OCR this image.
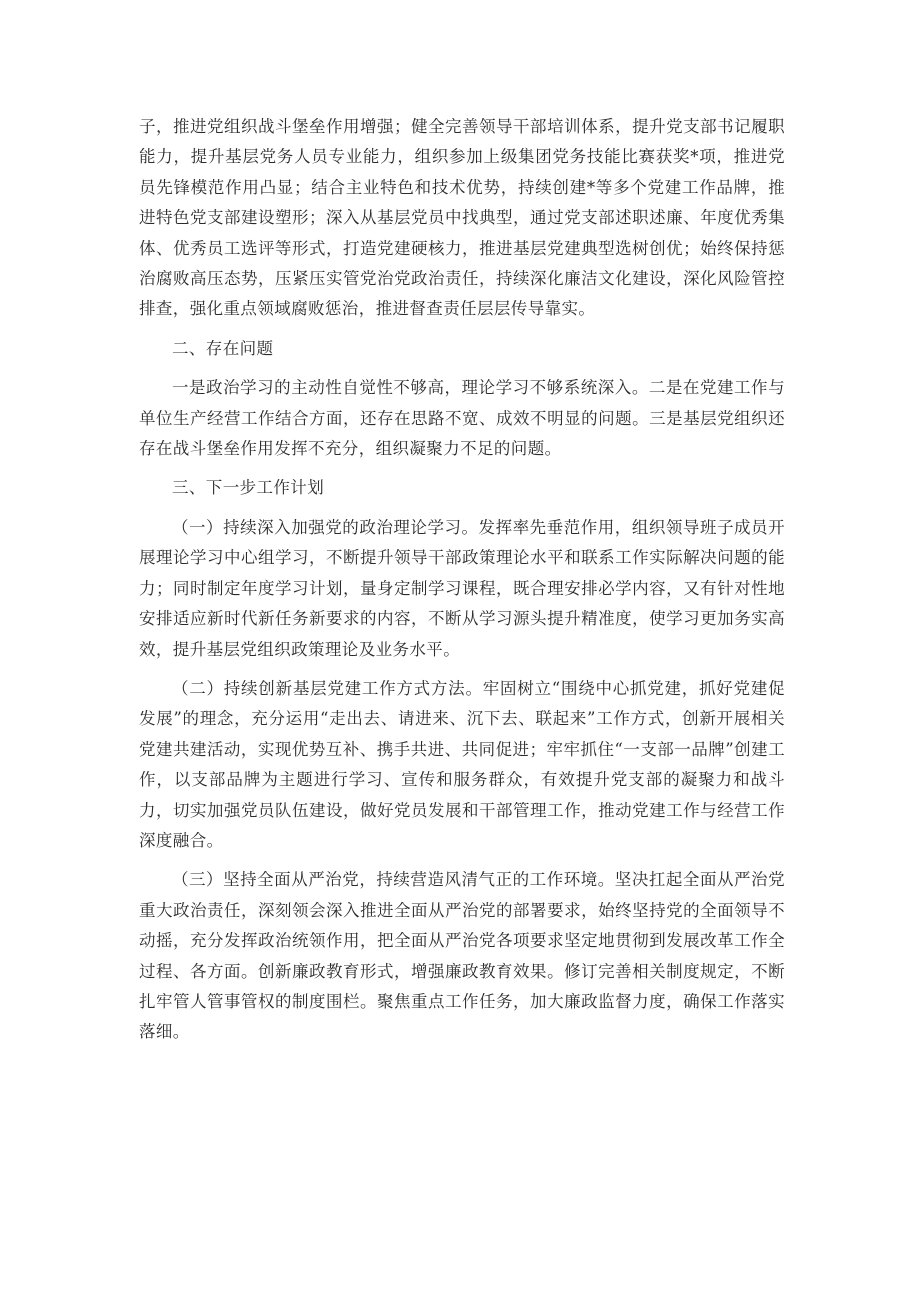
子，推进党组织战斗堡垒作用增强；健全完善领导干部培训体系，提升党支部书记履职能力，提升基层党务人员专业能力，组织参加上级集团党务技能比赛获奖*项，推进党员先锋模范作用凸显；结合主业特色和技术优势，持续创建*等多个党建工作品牌，推进特色党支部建设塑形；深入从基层党员中找典型，通过党支部述职述廉、年度优秀集体、优秀员工选评等形式，打造党建硬核力，推进基层党建典型选树创优；始终保持惩治腐败高压态势，压紧压实管党治党政治责任，持续深化廉洁文化建设，深化风险管控排查，强化重点领域腐败惩治，推进督查责任层层传导靠实。

二、存在问题

一是政治学习的主动性自觉性不够高，理论学习不够系统深入。二是在党建工作与单位生产经营工作结合方面，还存在思路不宽、成效不明显的问题。三是基层党组织还存在战斗堡垒作用发挥不充分，组织凝聚力不足的问题。

三、下一步工作计划

（一）持续深入加强党的政治理论学习。发挥率先垂范作用，组织领导班子成员开展理论学习中心组学习，不断提升领导干部政策理论水平和联系工作实际解决问题的能力；同时制定年度学习计划，量身定制学习课程，既合理安排必学内容，又有针对性地安排适应新时代新任务新要求的内容，不断从学习源头提升精准度，使学习更加务实高效，提升基层党组织政策理论及业务水平。

（二）持续创新基层党建工作方式方法。牢固树立“围绕中心抓党建，抓好党建促发展”的理念，充分运用“走出去、请进来、沉下去、联起来”工作方式，创新开展相关党建共建活动，实现优势互补、携手共进、共同促进；牢牢抓住“一支部一品牌”创建工作，以支部品牌为主题进行学习、宣传和服务群众，有效提升党支部的凝聚力和战斗力，切实加强党员队伍建设，做好党员发展和干部管理工作，推动党建工作与经营工作深度融合。

（三）坚持全面从严治党，持续营造风清气正的工作环境。坚决扛起全面从严治党重大政治责任，深刻领会深入推进全面从严治党的部署要求，始终坚持党的全面领导不动摇，充分发挥政治统领作用，把全面从严治党各项要求坚定地贯彻到发展改革工作全过程、各方面。创新廉政教育形式，增强廉政教育效果。修订完善相关制度规定，不断扎牢管人管事管权的制度围栏。聚焦重点工作任务，加大廉政监督力度，确保工作落实落细。
